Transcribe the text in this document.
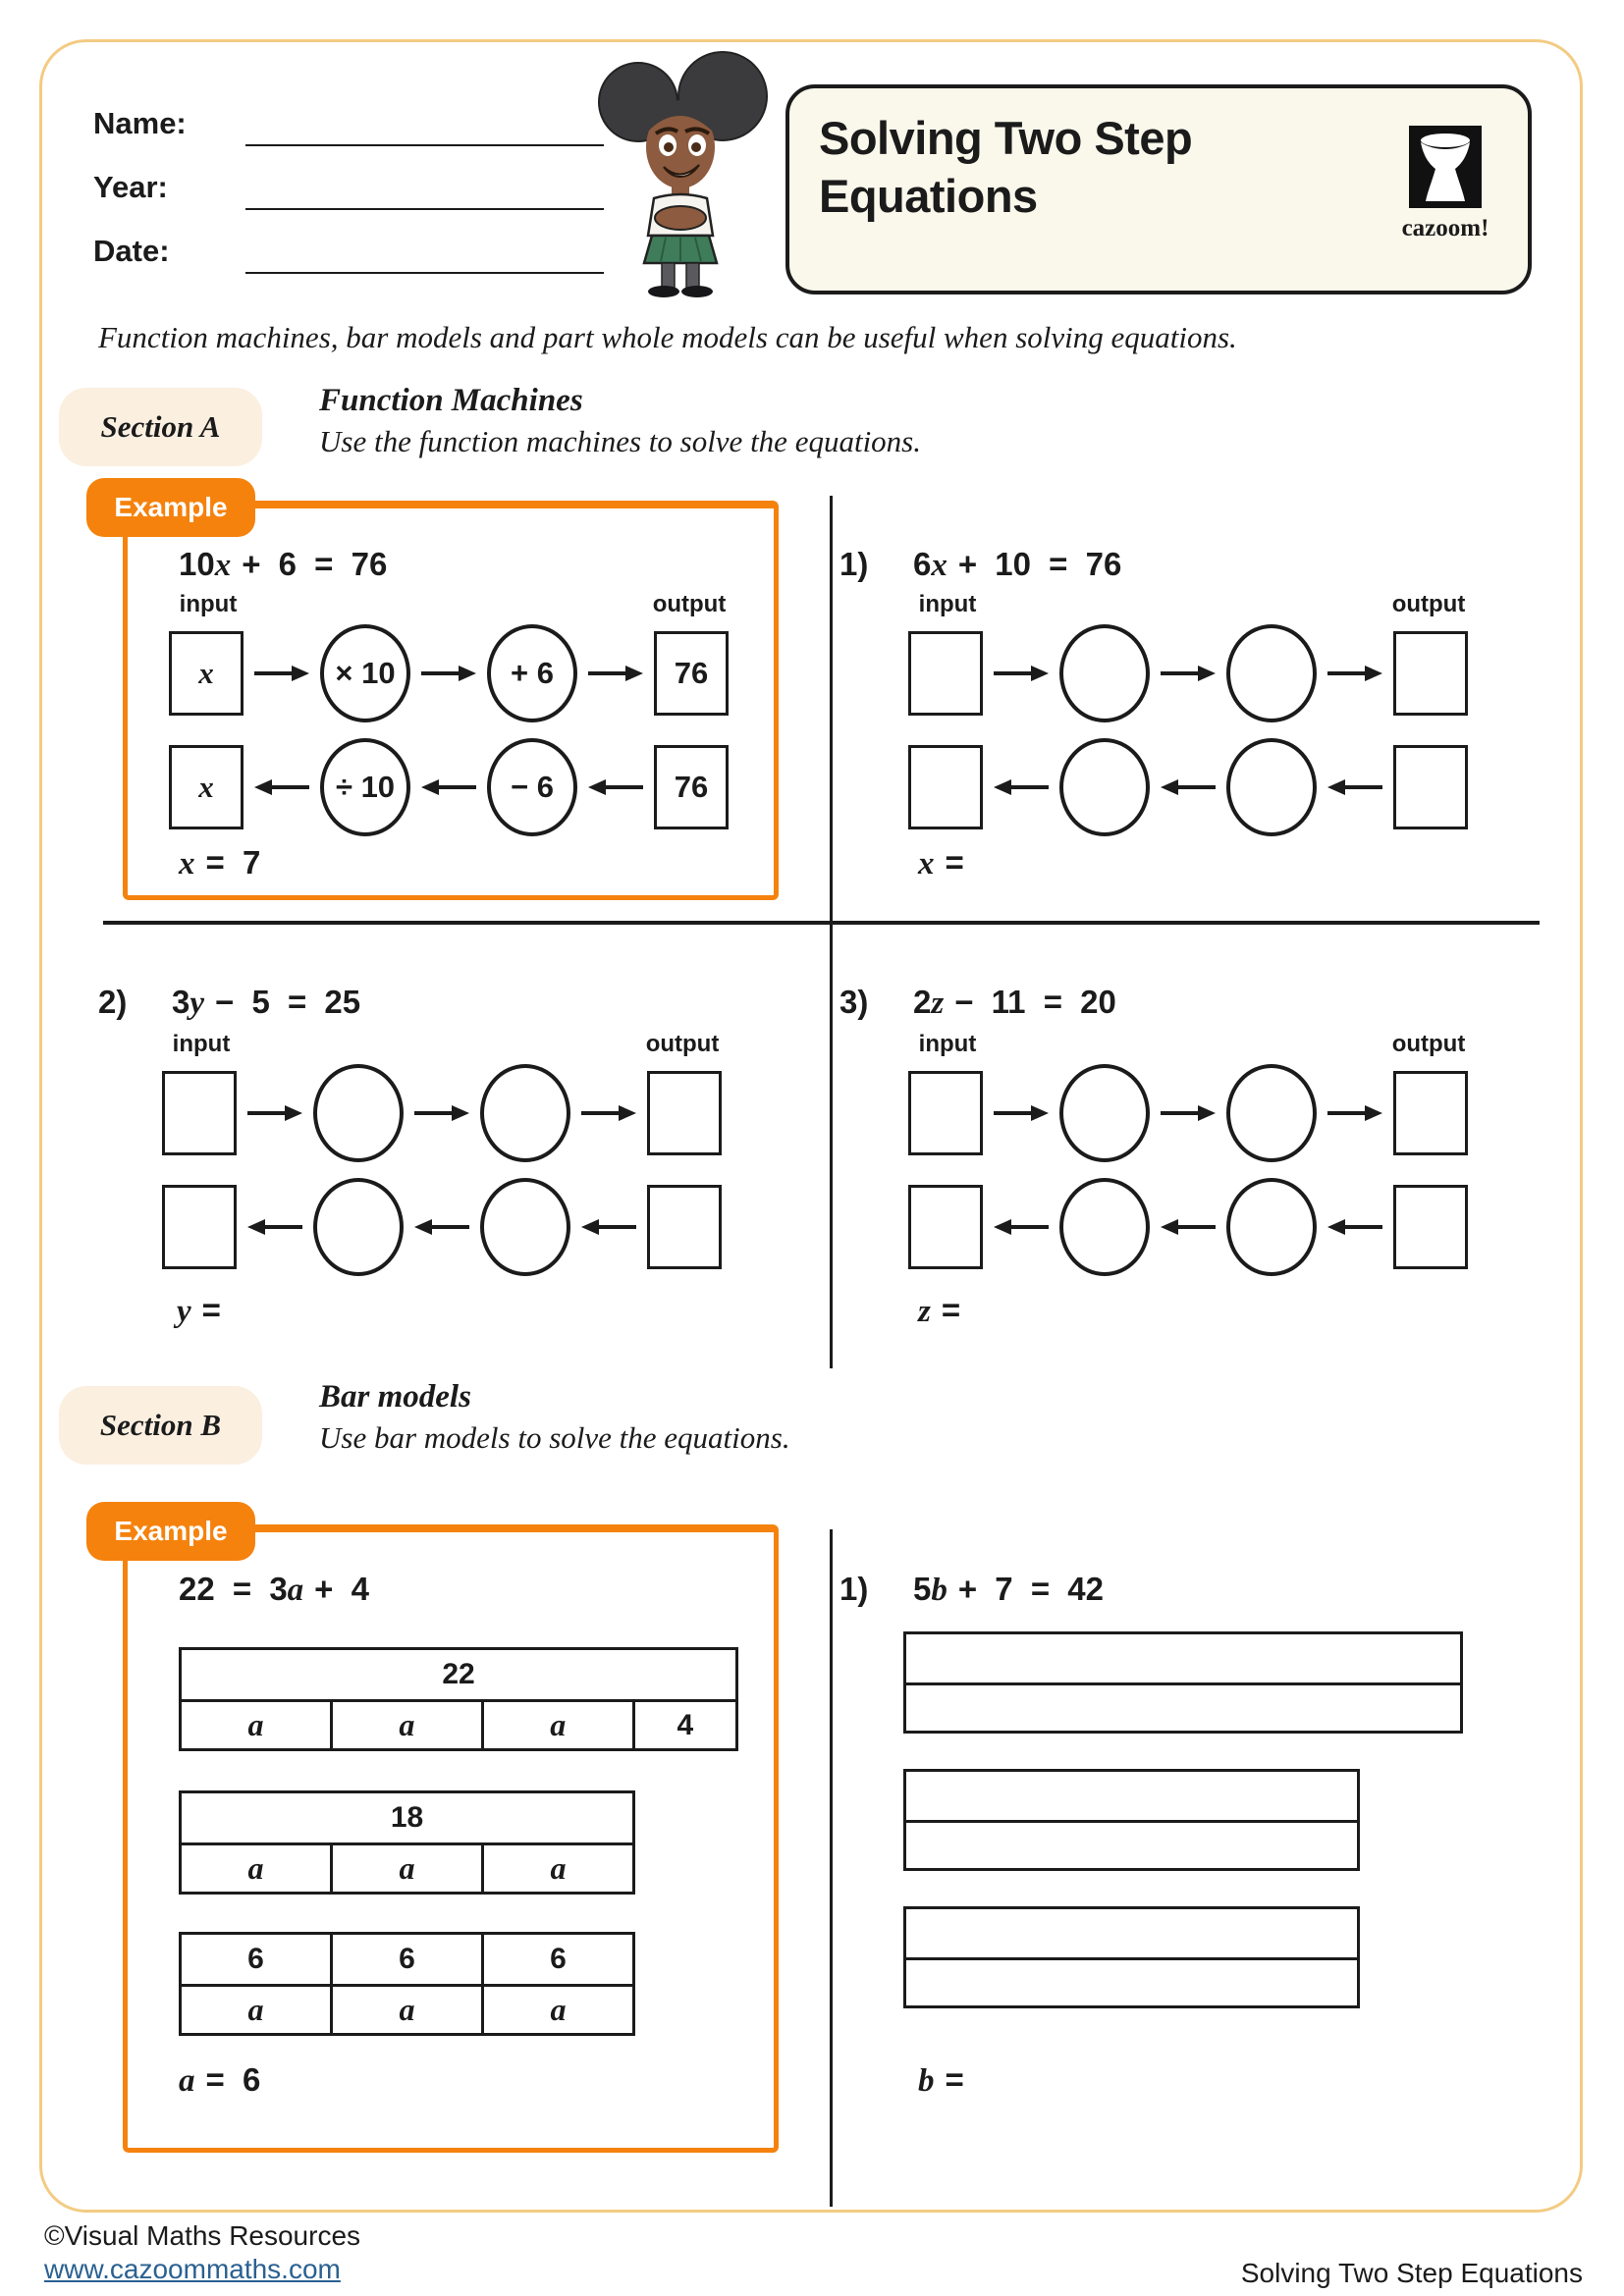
Name:
Year:
Date:
Solving Two Step
Equations
cazoom!
Function machines, bar models and part whole models can be useful when solving equations.
Section A
Function Machines
Use the function machines to solve the equations.
Example
10x + 6 = 76
input	output
x	× 10	+ 6	76
x	÷ 10	− 6	76
x = 7
1) 6x + 10 = 76
input	output
x =
2) 3y − 5 = 25
input	output
y =
3) 2z − 11 = 20
input	output
z =
Section B
Bar models
Use bar models to solve the equations.
Example
22 = 3a + 4
22
a	a	a	4
18
a	a	a
6	6	6
a	a	a
a = 6
1) 5b + 7 = 42
b =
©Visual Maths Resources
www.cazoommaths.com	Solving Two Step Equations
